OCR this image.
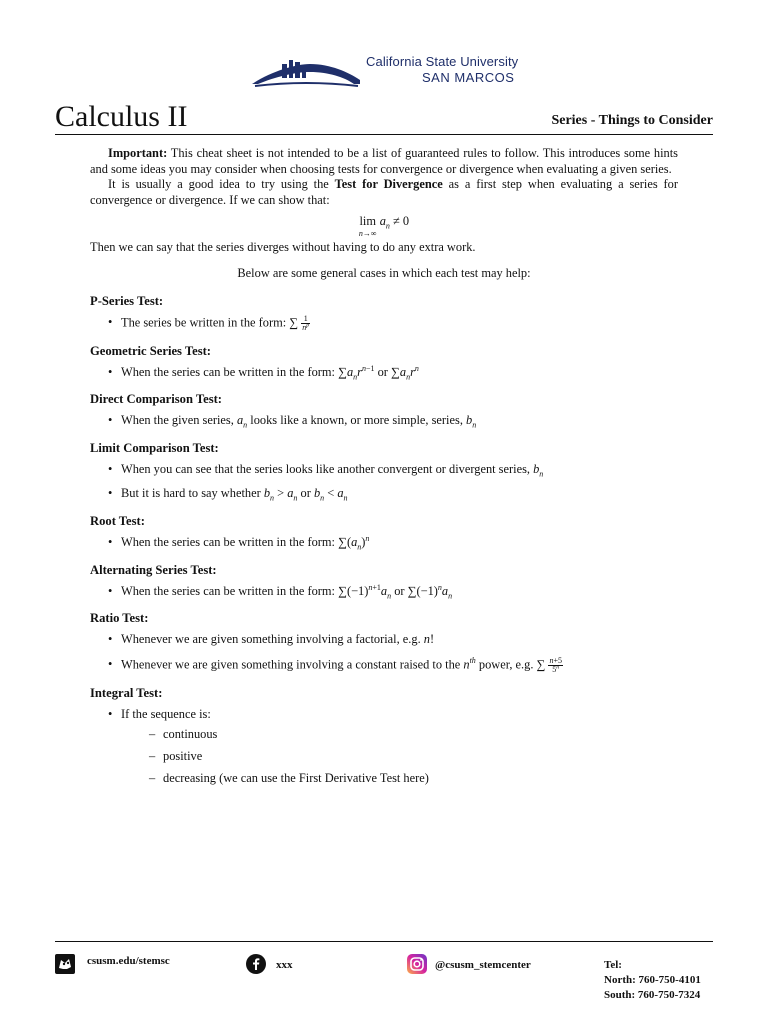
California State University
SAN MARCOS
Calculus II	Series - Things to Consider

Important: This cheat sheet is not intended to be a list of guaranteed rules to follow. This introduces some hints and some ideas you may consider when choosing tests for convergence or divergence when evaluating a given series.

It is usually a good idea to try using the Test for Divergence as a first step when evaluating a series for convergence or divergence. If we can show that:

lim
n→∞
$a_n \ne 0$

Then we can say that the series diverges without having to do any extra work.

Below are some general cases in which each test may help:

P-Series Test:
• The series be written in the form: ∑ $\frac{1}{n^p}$
Geometric Series Test:
• When the series can be written in the form: $\sum a_nr^{n-1}$ or $\sum a_nr^n$
Direct Comparison Test:
• When the given series, $a_n$ looks like a known, or more simple, series, $b_n$
Limit Comparison Test:
• When you can see that the series looks like another convergent or divergent series, $b_n$
• But it is hard to say whether $b_n > a_n$ or $b_n < a_n$
Root Test:
• When the series can be written in the form: $\sum(a_n)^n$
Alternating Series Test:
• When the series can be written in the form: $\sum(-1)^{n+1}a_n$ or $\sum(-1)^na_n$
Ratio Test:
• Whenever we are given something involving a factorial, e.g. n!
• Whenever we are given something involving a constant raised to the $n^{th}$ power, e.g. ∑ $\frac{n+5}{5^n}$
Integral Test:
• If the sequence is:
– continuous
– positive
– decreasing (we can use the First Derivative Test here)
csusm.edu/stemsc	xxx	@csusm_stemcenter	Tel:
North: 760-750-4101
South: 760-750-7324
